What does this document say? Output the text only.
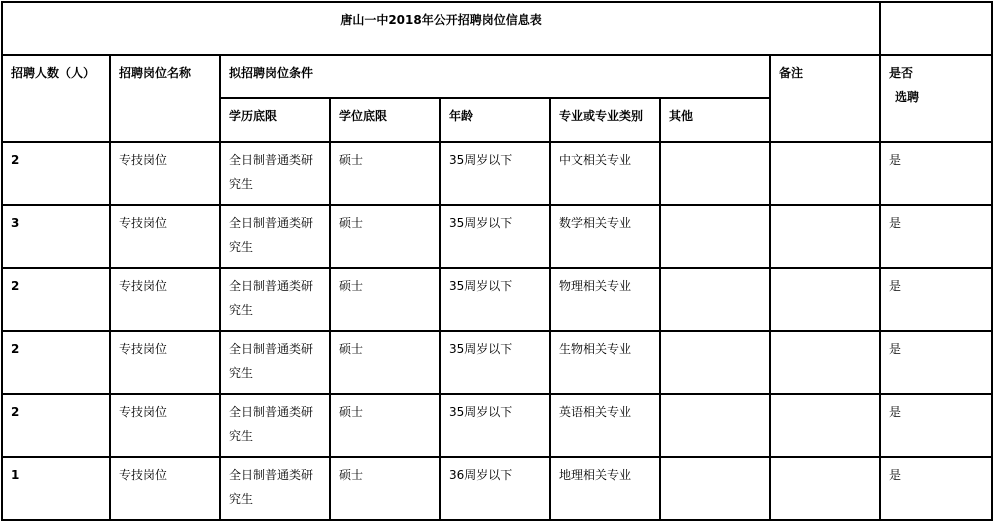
唐山一中2018年公开招聘岗位信息表								
招聘人数（人）	招聘岗位名称	拟招聘岗位条件					备注	是否
选聘

		学历底限	学位底限	年龄	专业或专业类别	其他		
2	专技岗位	全日制普通类研究生	硕士	35周岁以下	中文相关专业			是
3	专技岗位	全日制普通类研究生	硕士	35周岁以下	数学相关专业			是
2	专技岗位	全日制普通类研究生	硕士	35周岁以下	物理相关专业			是
2	专技岗位	全日制普通类研究生	硕士	35周岁以下	生物相关专业			是
2	专技岗位	全日制普通类研究生	硕士	35周岁以下	英语相关专业			是
1	专技岗位	全日制普通类研究生	硕士	36周岁以下	地理相关专业			是
